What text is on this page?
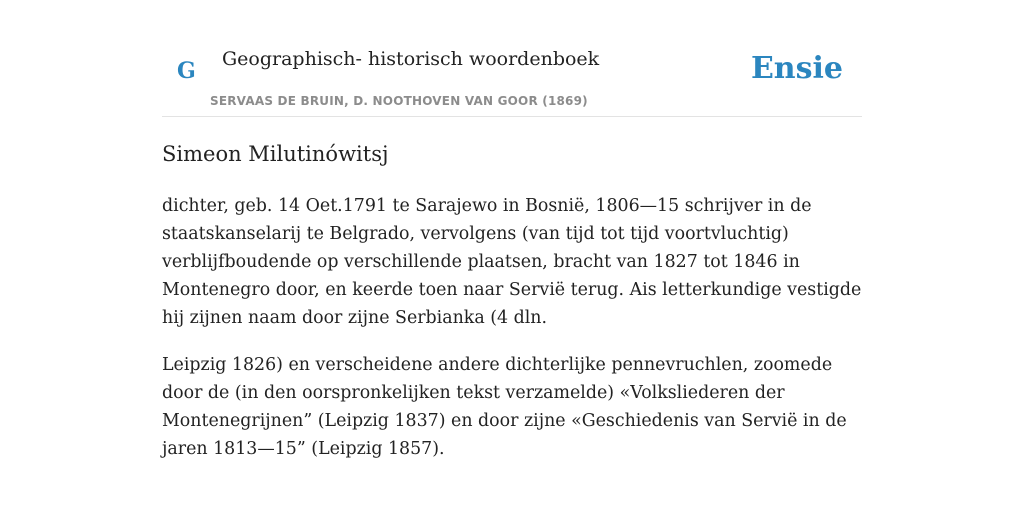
G Geographisch- historisch woordenboek
SERVAAS DE BRUIN, D. NOOTHOVEN VAN GOOR (1869)
Ensie
Simeon Milutinówitsj

dichter, geb. 14 Oet.1791 te Sarajewo in Bosnië, 1806—15 schrijver in de staatskanselarij te Belgrado, vervolgens (van tijd tot tijd voortvluchtig) verblijfboudende op verschillende plaatsen, bracht van 1827 tot 1846 in Montenegro door, en keerde toen naar Servië terug. Ais letterkundige vestigde hij zijnen naam door zijne Serbianka (4 dln.

Leipzig 1826) en verscheidene andere dichterlijke pennevruchlen, zoomede door de (in den oorspronkelijken tekst verzamelde) «Volksliederen der Montenegrijnen” (Leipzig 1837) en door zijne «Geschiedenis van Servië in de jaren 1813—15” (Leipzig 1857).
